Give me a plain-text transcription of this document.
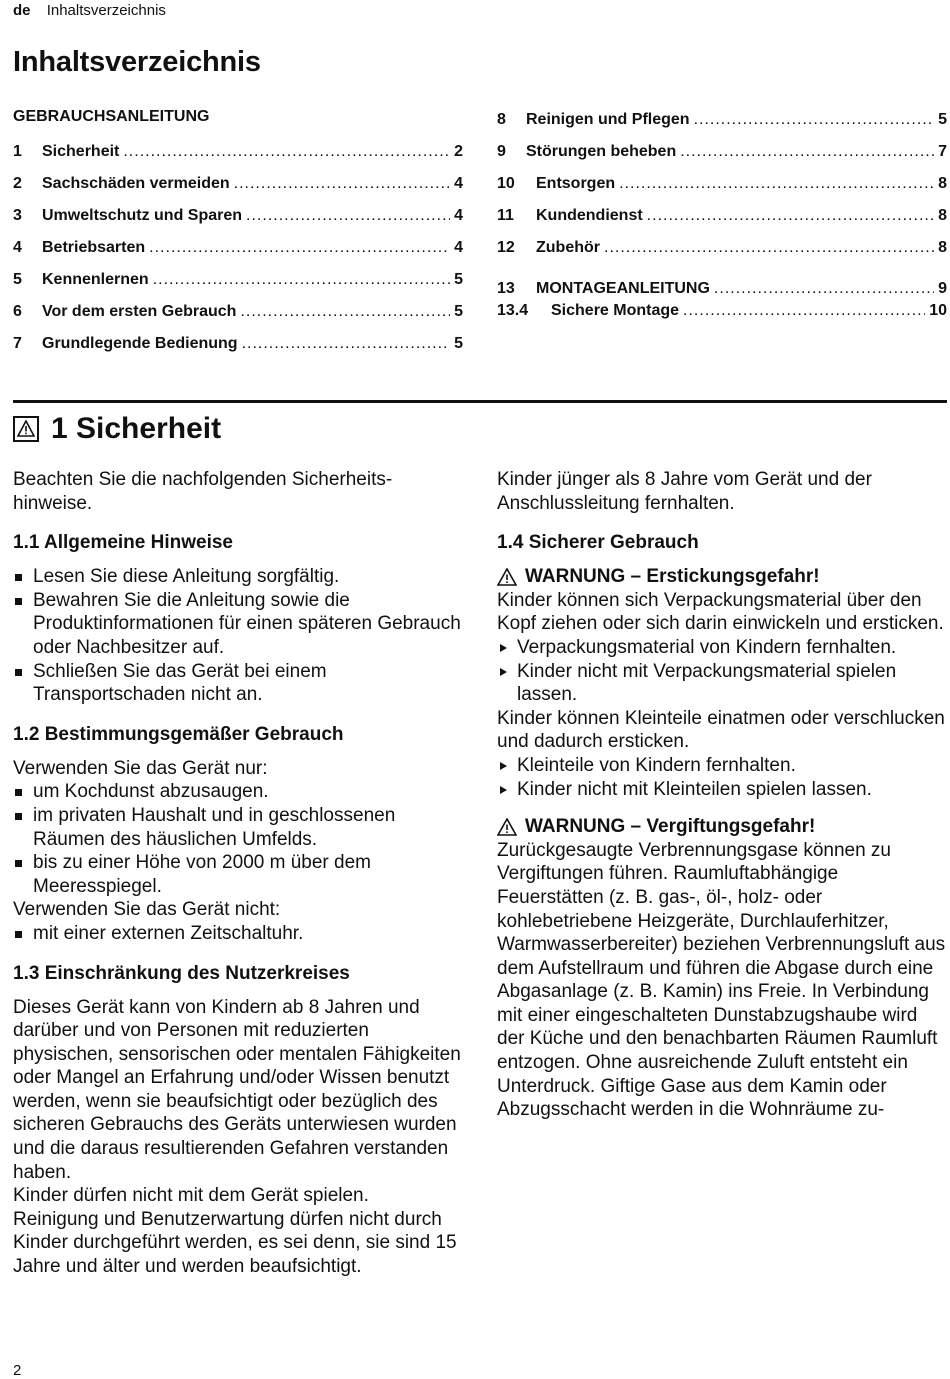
de Inhaltsverzeichnis
Inhaltsverzeichnis
GEBRAUCHSANLEITUNG
1	Sicherheit .....	2
2	Sachschäden vermeiden .....	4
3	Umweltschutz und Sparen .....	4
4	Betriebsarten .....	4
5	Kennenlernen .....	5
6	Vor dem ersten Gebrauch .....	5
7	Grundlegende Bedienung .....	5
8	Reinigen und Pflegen .....	5
9	Störungen beheben .....	7
10	Entsorgen .....	8
11	Kundendienst .....	8
12	Zubehör .....	8
13	MONTAGEANLEITUNG .....	9
13.4	Sichere Montage .....	10
1
Sicherheit

Beachten Sie die nachfolgenden Sicherheits-hinweise.

1.1 Allgemeine Hinweise
Lesen Sie diese Anleitung sorgfältig.
Bewahren Sie die Anleitung sowie die Produktinformationen für einen späteren Gebrauch oder Nachbesitzer auf.
Schließen Sie das Gerät bei einem Transportschaden nicht an.
1.2 Bestimmungsgemäßer Gebrauch

Verwenden Sie das Gerät nur:

um Kochdunst abzusaugen.
im privaten Haushalt und in geschlossenen Räumen des häuslichen Umfelds.
bis zu einer Höhe von 2000 m über dem Meeresspiegel.

Verwenden Sie das Gerät nicht:

mit einer externen Zeitschaltuhr.
1.3 Einschränkung des Nutzerkreises

Dieses Gerät kann von Kindern ab 8 Jahren und darüber und von Personen mit reduzierten physischen, sensorischen oder mentalen Fähigkeiten oder Mangel an Erfahrung und/oder Wissen benutzt werden, wenn sie beaufsichtigt oder bezüglich des sicheren Gebrauchs des Geräts unterwiesen wurden und die daraus resultierenden Gefahren verstanden haben.

Kinder dürfen nicht mit dem Gerät spielen.

Reinigung und Benutzerwartung dürfen nicht durch Kinder durchgeführt werden, es sei denn, sie sind 15 Jahre und älter und werden beaufsichtigt.

Kinder jünger als 8 Jahre vom Gerät und der Anschlussleitung fernhalten.

1.4 Sicherer Gebrauch
WARNUNG – Erstickungsgefahr!

Kinder können sich Verpackungsmaterial über den Kopf ziehen oder sich darin einwickeln und ersticken.

Verpackungsmaterial von Kindern fernhalten.
Kinder nicht mit Verpackungsmaterial spielen lassen.

Kinder können Kleinteile einatmen oder verschlucken und dadurch ersticken.

Kleinteile von Kindern fernhalten.
Kinder nicht mit Kleinteilen spielen lassen.
WARNUNG – Vergiftungsgefahr!

Zurückgesaugte Verbrennungsgase können zu Vergiftungen führen. Raumluftabhängige Feuerstätten (z. B. gas-, öl-, holz- oder kohlebetriebene Heizgeräte, Durchlauferhitzer, Warmwasserbereiter) beziehen Verbrennungsluft aus dem Aufstellraum und führen die Abgase durch eine Abgasanlage (z. B. Kamin) ins Freie. In Verbindung mit einer eingeschalteten Dunstabzugshaube wird der Küche und den benachbarten Räumen Raumluft entzogen. Ohne ausreichende Zuluft entsteht ein Unterdruck. Giftige Gase aus dem Kamin oder Abzugsschacht werden in die Wohnräume zu-

2
